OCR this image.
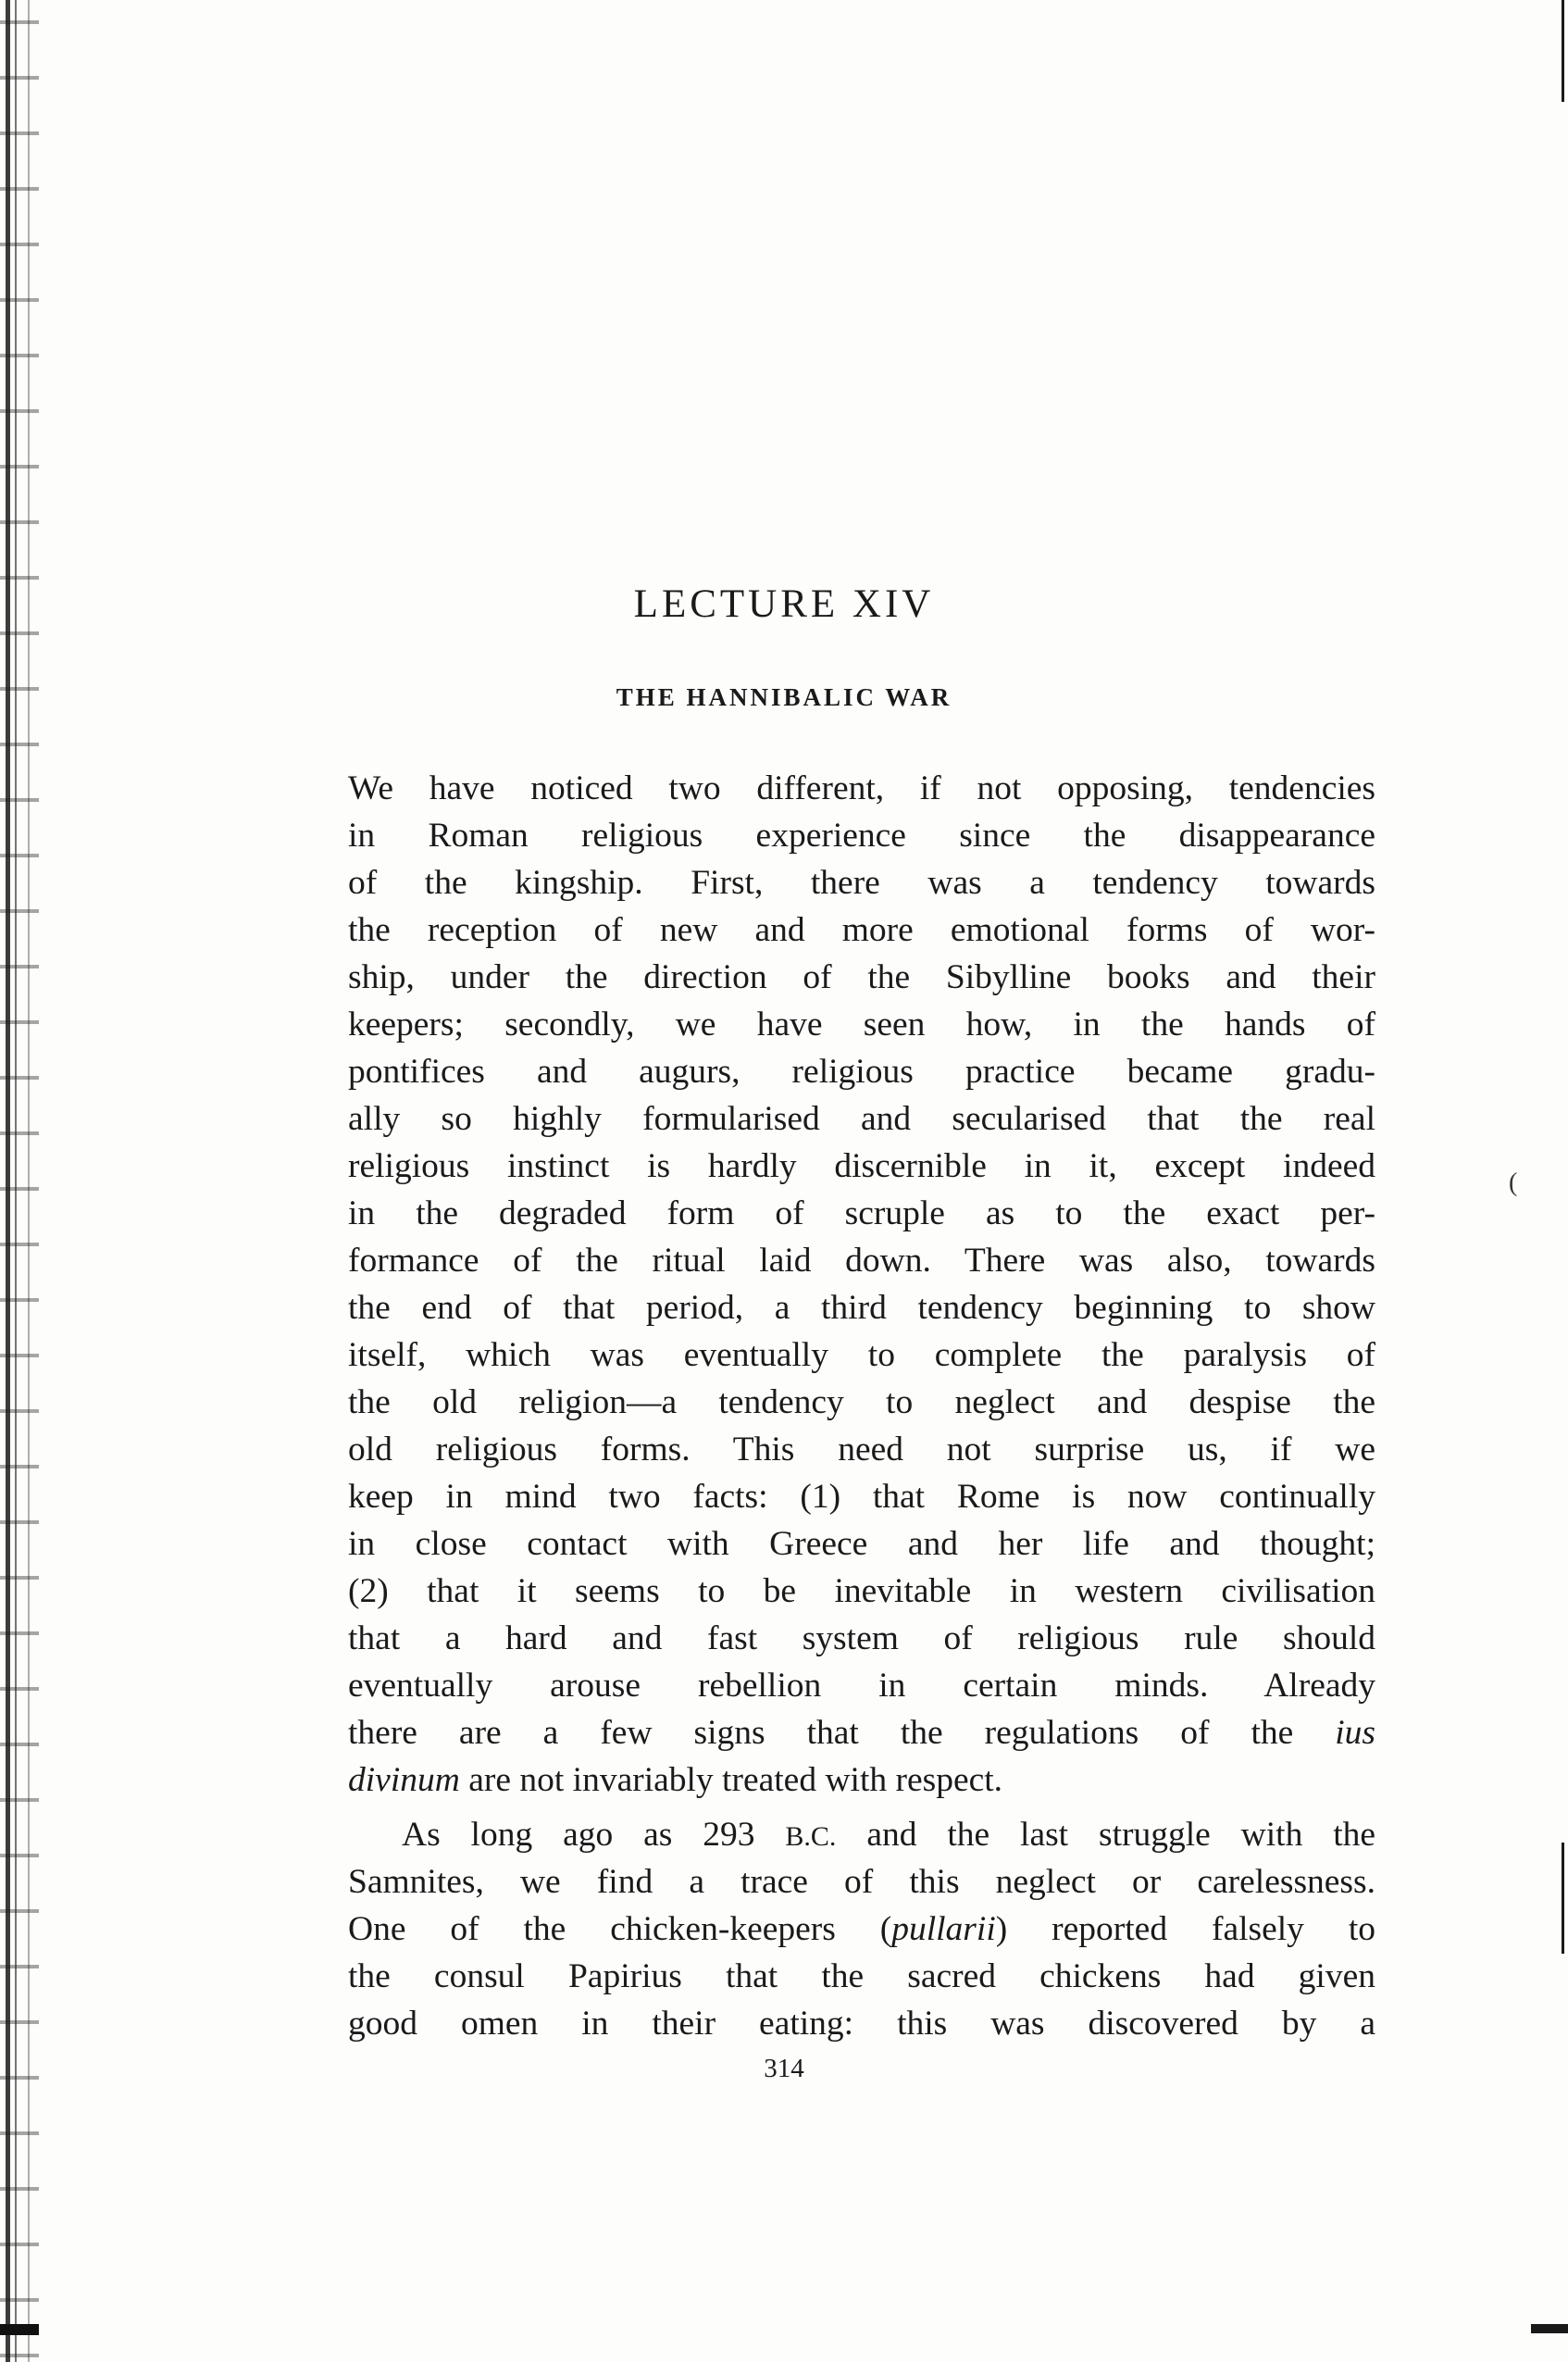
(
LECTURE XIV
THE HANNIBALIC WAR
We have noticed two different, if not opposing, tendencies
in Roman religious experience since the disappearance
of the kingship. First, there was a tendency towards
the reception of new and more emotional forms of wor-
ship, under the direction of the Sibylline books and their
keepers; secondly, we have seen how, in the hands of
pontifices and augurs, religious practice became gradu-
ally so highly formularised and secularised that the real
religious instinct is hardly discernible in it, except indeed
in the degraded form of scruple as to the exact per-
formance of the ritual laid down. There was also, towards
the end of that period, a third tendency beginning to show
itself, which was eventually to complete the paralysis of
the old religion—a tendency to neglect and despise the
old religious forms. This need not surprise us, if we
keep in mind two facts: (1) that Rome is now continually
in close contact with Greece and her life and thought;
(2) that it seems to be inevitable in western civilisation
that a hard and fast system of religious rule should
eventually arouse rebellion in certain minds. Already
there are a few signs that the regulations of the ius
divinum are not invariably treated with respect.
As long ago as 293 B.C. and the last struggle with the
Samnites, we find a trace of this neglect or carelessness.
One of the chicken-keepers (pullarii) reported falsely to
the consul Papirius that the sacred chickens had given
good omen in their eating: this was discovered by a
314
